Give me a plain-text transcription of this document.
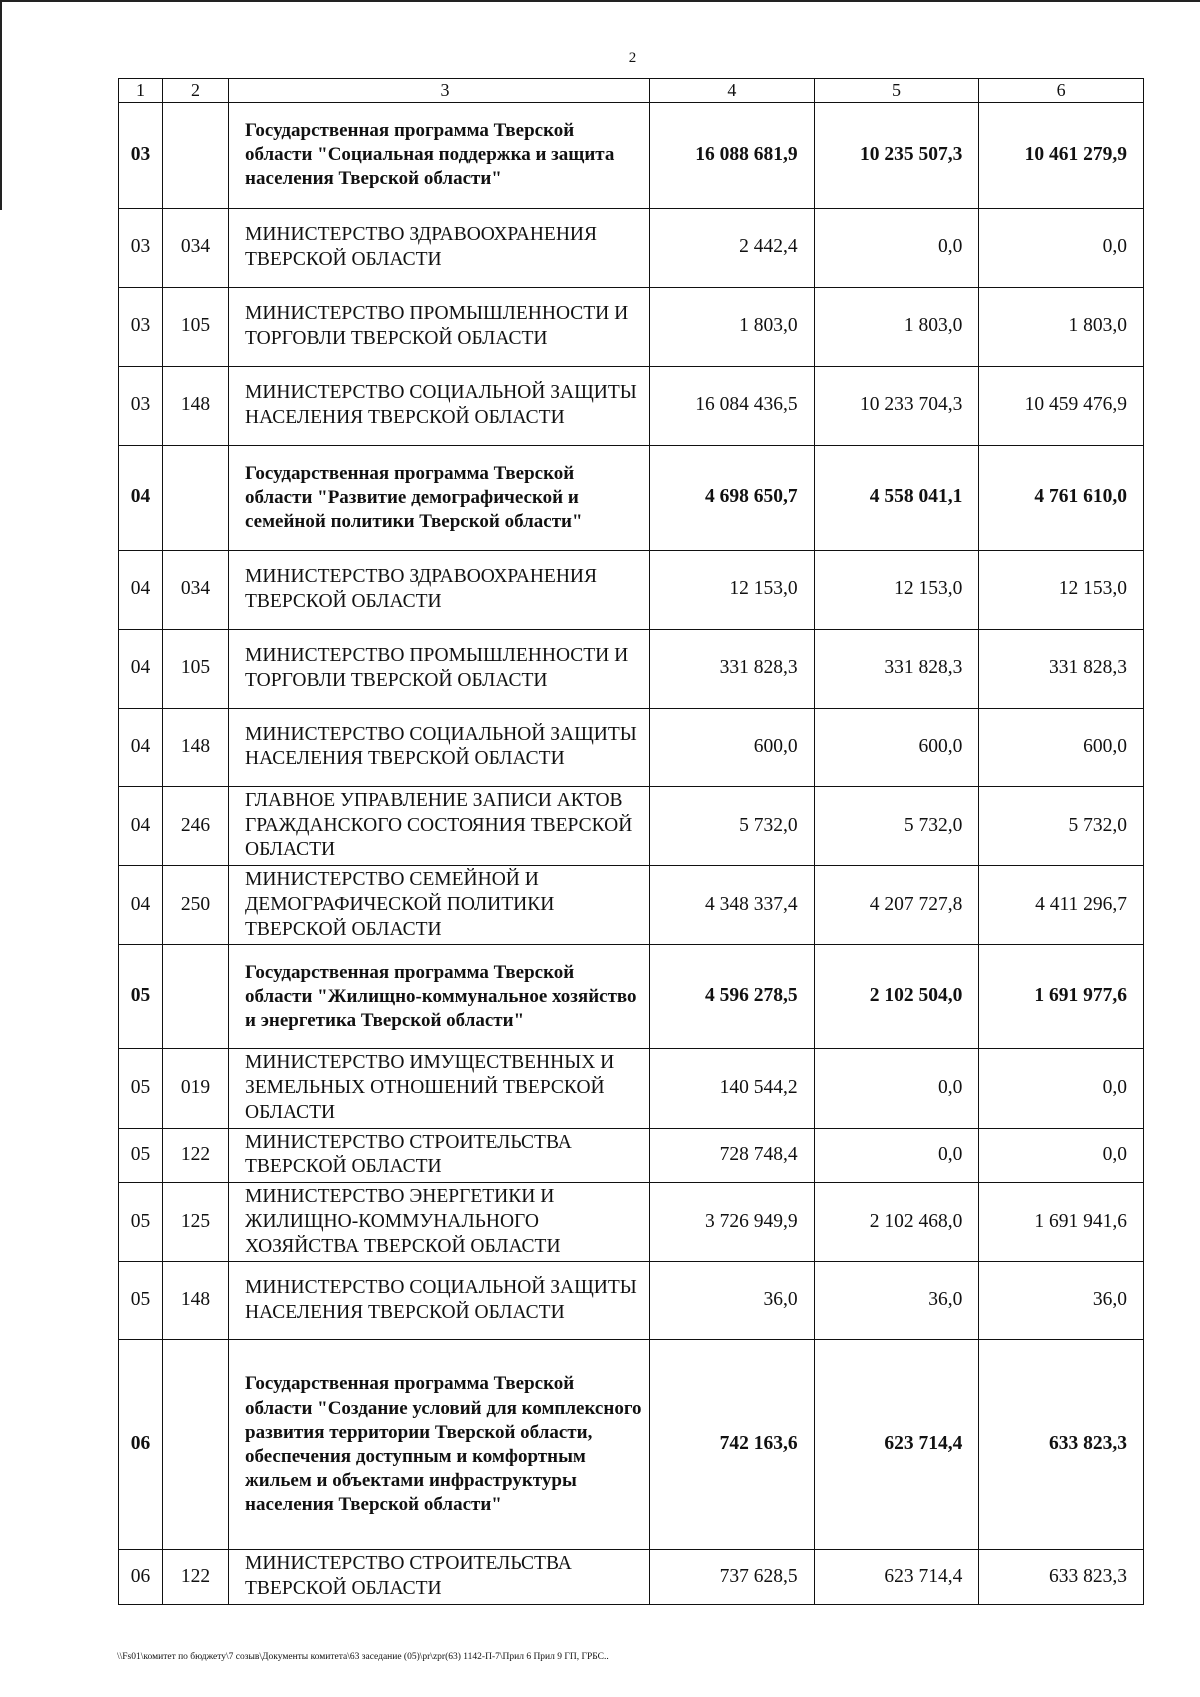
2
1	2	3	4	5	6
03		Государственная программа Тверской области "Социальная поддержка и защита населения Тверской области"	16 088 681,9	10 235 507,3	10 461 279,9
03	034	МИНИСТЕРСТВО ЗДРАВООХРАНЕНИЯ ТВЕРСКОЙ ОБЛАСТИ	2 442,4	0,0	0,0
03	105	МИНИСТЕРСТВО ПРОМЫШЛЕННОСТИ И ТОРГОВЛИ ТВЕРСКОЙ ОБЛАСТИ	1 803,0	1 803,0	1 803,0
03	148	МИНИСТЕРСТВО СОЦИАЛЬНОЙ ЗАЩИТЫ НАСЕЛЕНИЯ ТВЕРСКОЙ ОБЛАСТИ	16 084 436,5	10 233 704,3	10 459 476,9
04		Государственная программа Тверской области "Развитие демографической и семейной политики Тверской области"	4 698 650,7	4 558 041,1	4 761 610,0
04	034	МИНИСТЕРСТВО ЗДРАВООХРАНЕНИЯ ТВЕРСКОЙ ОБЛАСТИ	12 153,0	12 153,0	12 153,0
04	105	МИНИСТЕРСТВО ПРОМЫШЛЕННОСТИ И ТОРГОВЛИ ТВЕРСКОЙ ОБЛАСТИ	331 828,3	331 828,3	331 828,3
04	148	МИНИСТЕРСТВО СОЦИАЛЬНОЙ ЗАЩИТЫ НАСЕЛЕНИЯ ТВЕРСКОЙ ОБЛАСТИ	600,0	600,0	600,0
04	246	ГЛАВНОЕ УПРАВЛЕНИЕ ЗАПИСИ АКТОВ ГРАЖДАНСКОГО СОСТОЯНИЯ ТВЕРСКОЙ ОБЛАСТИ	5 732,0	5 732,0	5 732,0
04	250	МИНИСТЕРСТВО СЕМЕЙНОЙ И ДЕМОГРАФИЧЕСКОЙ ПОЛИТИКИ ТВЕРСКОЙ ОБЛАСТИ	4 348 337,4	4 207 727,8	4 411 296,7
05		Государственная программа Тверской области "Жилищно-коммунальное хозяйство и энергетика Тверской области"	4 596 278,5	2 102 504,0	1 691 977,6
05	019	МИНИСТЕРСТВО ИМУЩЕСТВЕННЫХ И ЗЕМЕЛЬНЫХ ОТНОШЕНИЙ ТВЕРСКОЙ ОБЛАСТИ	140 544,2	0,0	0,0
05	122	МИНИСТЕРСТВО СТРОИТЕЛЬСТВА ТВЕРСКОЙ ОБЛАСТИ	728 748,4	0,0	0,0
05	125	МИНИСТЕРСТВО ЭНЕРГЕТИКИ И ЖИЛИЩНО-КОММУНАЛЬНОГО ХОЗЯЙСТВА ТВЕРСКОЙ ОБЛАСТИ	3 726 949,9	2 102 468,0	1 691 941,6
05	148	МИНИСТЕРСТВО СОЦИАЛЬНОЙ ЗАЩИТЫ НАСЕЛЕНИЯ ТВЕРСКОЙ ОБЛАСТИ	36,0	36,0	36,0
06		Государственная программа Тверской области "Создание условий для комплексного развития территории Тверской области, обеспечения доступным и комфортным жильем и объектами инфраструктуры населения Тверской области"	742 163,6	623 714,4	633 823,3
06	122	МИНИСТЕРСТВО СТРОИТЕЛЬСТВА ТВЕРСКОЙ ОБЛАСТИ	737 628,5	623 714,4	633 823,3
\\Fs01\комитет по бюджету\7 созыв\Документы комитета\63 заседание (05)\pr\zpr(63) 1142-П-7\Прил 6 Прил 9 ГП, ГРБС..
